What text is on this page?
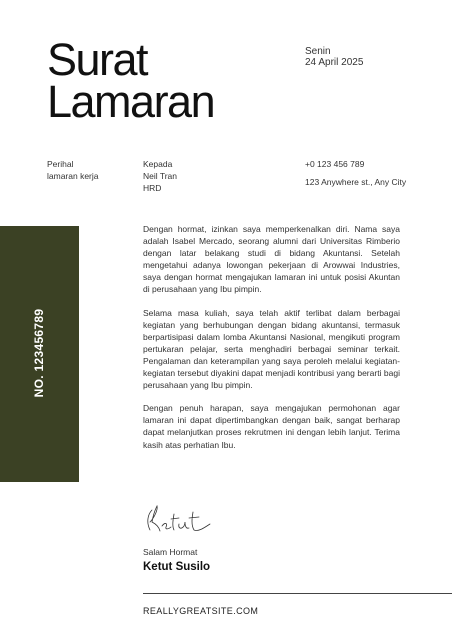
Surat
Lamaran
Senin
24 April 2025
Perihal
lamaran kerja
Kepada
Neil Tran
HRD
+0 123 456 789
123 Anywhere st., Any City
NO. 123456789

Dengan hormat, izinkan saya memperkenalkan diri. Nama saya adalah Isabel Mercado, seorang alumni dari Universitas Rimberio dengan latar belakang studi di bidang Akuntansi. Setelah mengetahui adanya lowongan pekerjaan di Arowwai Industries, saya dengan hormat mengajukan lamaran ini untuk posisi Akuntan di perusahaan yang Ibu pimpin.

Selama masa kuliah, saya telah aktif terlibat dalam berbagai kegiatan yang berhubungan dengan bidang akuntansi, termasuk berpartisipasi dalam lomba Akuntansi Nasional, mengikuti program pertukaran pelajar, serta menghadiri berbagai seminar terkait. Pengalaman dan keterampilan yang saya peroleh melalui kegiatan-kegiatan tersebut diyakini dapat menjadi kontribusi yang berarti bagi perusahaan yang Ibu pimpin.

Dengan penuh harapan, saya mengajukan permohonan agar lamaran ini dapat dipertimbangkan dengan baik, sangat berharap dapat melanjutkan proses rekrutmen ini dengan lebih lanjut. Terima kasih atas perhatian Ibu.

Salam Hormat
Ketut Susilo
REALLYGREATSITE.COM
